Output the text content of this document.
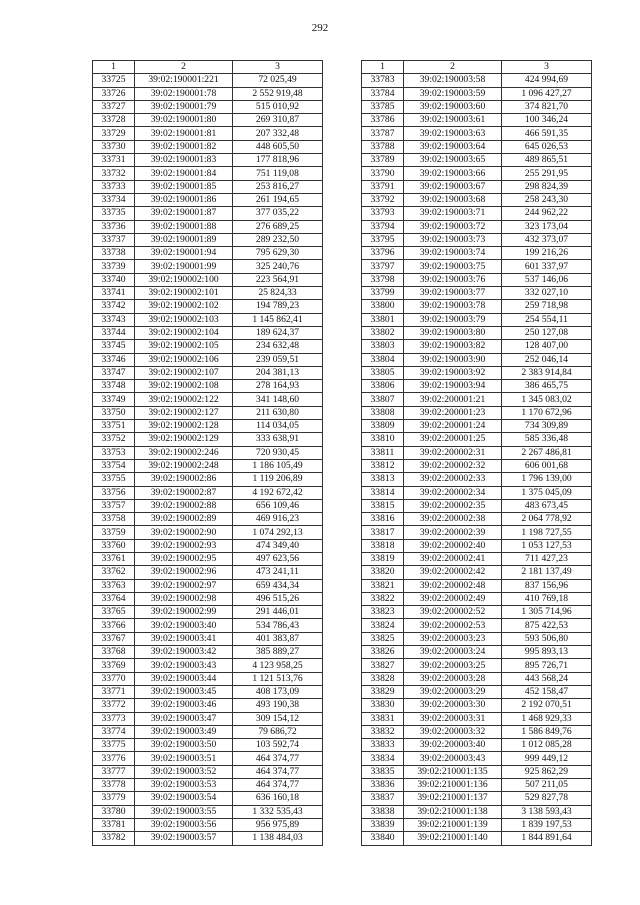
292
1	2	3
33725	39:02:190001:221	72 025,49
33726	39:02:190001:78	2 552 919,48
33727	39:02:190001:79	515 010,92
33728	39:02:190001:80	269 310,87
33729	39:02:190001:81	207 332,48
33730	39:02:190001:82	448 605,50
33731	39:02:190001:83	177 818,96
33732	39:02:190001:84	751 119,08
33733	39:02:190001:85	253 816,27
33734	39:02:190001:86	261 194,65
33735	39:02:190001:87	377 035,22
33736	39:02:190001:88	276 689,25
33737	39:02:190001:89	289 232,50
33738	39:02:190001:94	795 629,30
33739	39:02:190001:99	325 240,76
33740	39:02:190002:100	223 564,91
33741	39:02:190002:101	25 824,33
33742	39:02:190002:102	194 789,23
33743	39:02:190002:103	1 145 862,41
33744	39:02:190002:104	189 624,37
33745	39:02:190002:105	234 632,48
33746	39:02:190002:106	239 059,51
33747	39:02:190002:107	204 381,13
33748	39:02:190002:108	278 164,93
33749	39:02:190002:122	341 148,60
33750	39:02:190002:127	211 630,80
33751	39:02:190002:128	114 034,05
33752	39:02:190002:129	333 638,91
33753	39:02:190002:246	720 930,45
33754	39:02:190002:248	1 186 105,49
33755	39:02:190002:86	1 119 206,89
33756	39:02:190002:87	4 192 672,42
33757	39:02:190002:88	656 109,46
33758	39:02:190002:89	469 916,23
33759	39:02:190002:90	1 074 292,13
33760	39:02:190002:93	474 349,40
33761	39:02:190002:95	497 623,56
33762	39:02:190002:96	473 241,11
33763	39:02:190002:97	659 434,34
33764	39:02:190002:98	496 515,26
33765	39:02:190002:99	291 446,01
33766	39:02:190003:40	534 786,43
33767	39:02:190003:41	401 383,87
33768	39:02:190003:42	385 889,27
33769	39:02:190003:43	4 123 958,25
33770	39:02:190003:44	1 121 513,76
33771	39:02:190003:45	408 173,09
33772	39:02:190003:46	493 190,38
33773	39:02:190003:47	309 154,12
33774	39:02:190003:49	79 686,72
33775	39:02:190003:50	103 592,74
33776	39:02:190003:51	464 374,77
33777	39:02:190003:52	464 374,77
33778	39:02:190003:53	464 374,77
33779	39:02:190003:54	636 160,18
33780	39:02:190003:55	1 332 535,43
33781	39:02:190003:56	956 975,89
33782	39:02:190003:57	1 138 484,03
1	2	3
33783	39:02:190003:58	424 994,69
33784	39:02:190003:59	1 096 427,27
33785	39:02:190003:60	374 821,70
33786	39:02:190003:61	100 346,24
33787	39:02:190003:63	466 591,35
33788	39:02:190003:64	645 026,53
33789	39:02:190003:65	489 865,51
33790	39:02:190003:66	255 291,95
33791	39:02:190003:67	298 824,39
33792	39:02:190003:68	258 243,30
33793	39:02:190003:71	244 962,22
33794	39:02:190003:72	323 173,04
33795	39:02:190003:73	432 373,07
33796	39:02:190003:74	199 216,26
33797	39:02:190003:75	601 337,97
33798	39:02:190003:76	537 146,06
33799	39:02:190003:77	332 027,10
33800	39:02:190003:78	259 718,98
33801	39:02:190003:79	254 554,11
33802	39:02:190003:80	250 127,08
33803	39:02:190003:82	128 407,00
33804	39:02:190003:90	252 046,14
33805	39:02:190003:92	2 383 914,84
33806	39:02:190003:94	386 465,75
33807	39:02:200001:21	1 345 083,02
33808	39:02:200001:23	1 170 672,96
33809	39:02:200001:24	734 309,89
33810	39:02:200001:25	585 336,48
33811	39:02:200002:31	2 267 486,81
33812	39:02:200002:32	606 001,68
33813	39:02:200002:33	1 796 139,00
33814	39:02:200002:34	1 375 045,09
33815	39:02:200002:35	483 673,45
33816	39:02:200002:38	2 064 778,92
33817	39:02:200002:39	1 198 727,55
33818	39:02:200002:40	1 053 127,53
33819	39:02:200002:41	711 427,23
33820	39:02:200002:42	2 181 137,49
33821	39:02:200002:48	837 156,96
33822	39:02:200002:49	410 769,18
33823	39:02:200002:52	1 305 714,96
33824	39:02:200002:53	875 422,53
33825	39:02:200003:23	593 506,80
33826	39:02:200003:24	995 893,13
33827	39:02:200003:25	895 726,71
33828	39:02:200003:28	443 568,24
33829	39:02:200003:29	452 158,47
33830	39:02:200003:30	2 192 070,51
33831	39:02:200003:31	1 468 929,33
33832	39:02:200003:32	1 586 849,76
33833	39:02:200003:40	1 012 085,28
33834	39:02:200003:43	999 449,12
33835	39:02:210001:135	925 862,29
33836	39:02:210001:136	507 211,05
33837	39:02:210001:137	529 827,78
33838	39:02:210001:138	3 138 593,43
33839	39:02:210001:139	1 839 197,53
33840	39:02:210001:140	1 844 891,64
